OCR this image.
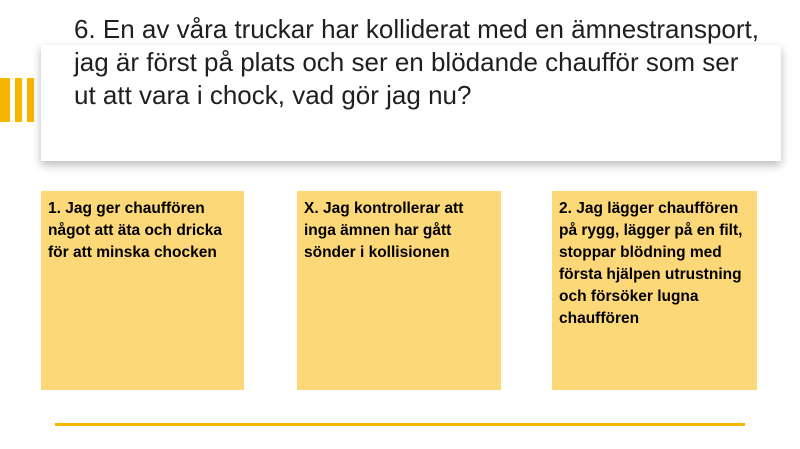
6. En av våra truckar har kolliderat med en ämnestransport, jag är först på plats och ser en blödande chaufför som ser ut att vara i chock, vad gör jag nu?
1. Jag ger chauffören något att äta och dricka för att minska chocken
X. Jag kontrollerar att inga ämnen har gått sönder i kollisionen
2. Jag lägger chauffören på rygg, lägger på en filt, stoppar blödning med första hjälpen utrustning och försöker lugna chauffören
